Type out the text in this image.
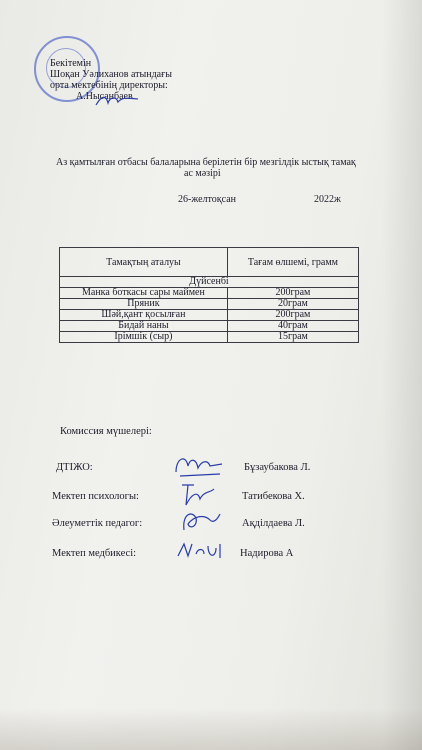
Бекітемін
Шоқан Уәлиханов атындағы
орта мектебінің директоры:
А.Нысанбаев
Аз қамтылған отбасы балаларына берілетін бір мезгілдік ыстық тамақ
ас мәзірі
26-желтоқсан	2022ж
Тамақтың аталуы	Тағам өлшемі, грамм
Дүйсенбі	
Манка боткасы сары маймен	200грам
Пряник	20грам
Шәй,қант қосылған	200грам
Бидай наны	40грам
Ірімшік (сыр)	15грам
Комиссия мүшелері:
ДТІЖО:	Бұзаубакова Л.
Мектеп психологы:	Татибекова Х.
Әлеуметтік педагог:	Ақділдаева Л.
Мектеп медбикесі:	Надирова А
